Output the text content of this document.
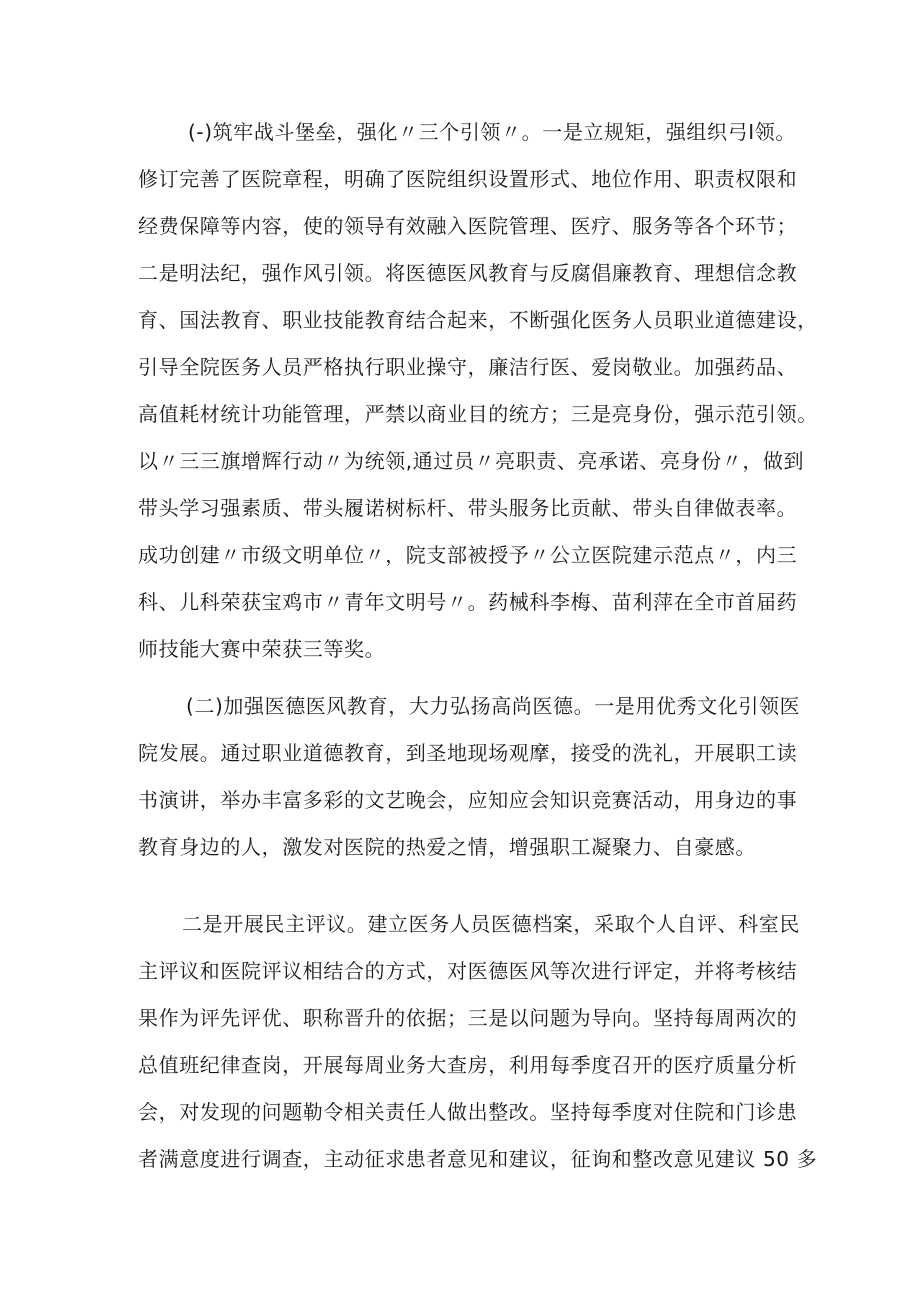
(-)筑牢战斗堡垒，强化〃三个引领〃。一是立规矩，强组织弓I领。
修订完善了医院章程，明确了医院组织设置形式、地位作用、职责权限和
经费保障等内容，使的领导有效融入医院管理、医疗、服务等各个环节；
二是明法纪，强作风引领。将医德医风教育与反腐倡廉教育、理想信念教
育、国法教育、职业技能教育结合起来，不断强化医务人员职业道德建设，
引导全院医务人员严格执行职业操守，廉洁行医、爱岗敬业。加强药品、
高值耗材统计功能管理，严禁以商业目的统方；三是亮身份，强示范引领。
以〃三三旗增辉行动〃为统领,通过员〃亮职责、亮承诺、亮身份〃，做到
带头学习强素质、带头履诺树标杆、带头服务比贡献、带头自律做表率。
成功创建〃市级文明单位〃，院支部被授予〃公立医院建示范点〃，内三
科、儿科荣获宝鸡市〃青年文明号〃。药械科李梅、苗利萍在全市首届药
师技能大赛中荣获三等奖。
(二)加强医德医风教育，大力弘扬高尚医德。一是用优秀文化引领医
院发展。通过职业道德教育，到圣地现场观摩，接受的洗礼，开展职工读
书演讲，举办丰富多彩的文艺晚会，应知应会知识竞赛活动，用身边的事
教育身边的人，激发对医院的热爱之情，增强职工凝聚力、自豪感。
二是开展民主评议。建立医务人员医德档案，采取个人自评、科室民
主评议和医院评议相结合的方式，对医德医风等次进行评定，并将考核结
果作为评先评优、职称晋升的依据；三是以问题为导向。坚持每周两次的
总值班纪律查岗，开展每周业务大查房，利用每季度召开的医疗质量分析
会，对发现的问题勒令相关责任人做出整改。坚持每季度对住院和门诊患
者满意度进行调查，主动征求患者意见和建议，征询和整改意见建议 50 多
